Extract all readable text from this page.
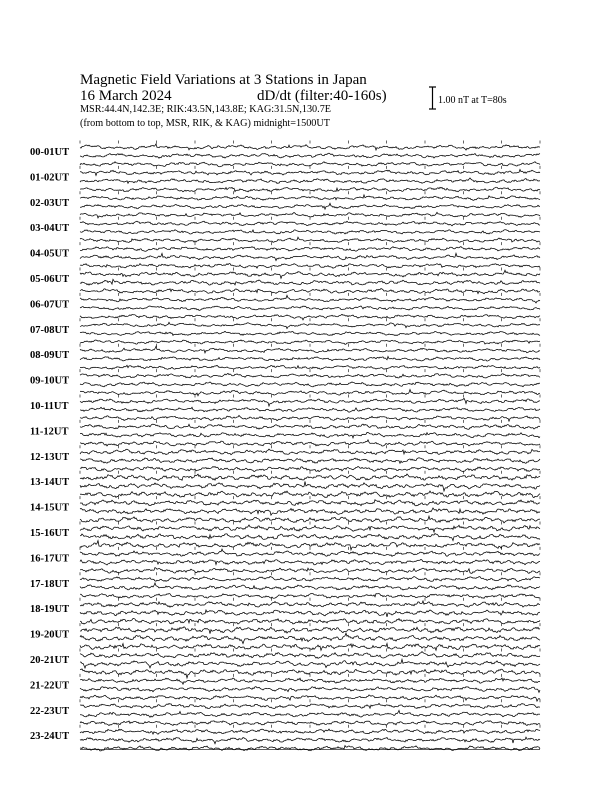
Magnetic Field Variations at 3 Stations in Japan
16 March 2024	dD/dt (filter:40-160s)
MSR:44.4N,142.3E; RIK:43.5N,143.8E; KAG:31.5N,130.7E
(from bottom to top, MSR, RIK, & KAG) midnight=1500UT
1.00 nT at T=80s
00-01UT
01-02UT
02-03UT
03-04UT
04-05UT
05-06UT
06-07UT
07-08UT
08-09UT
09-10UT
10-11UT
11-12UT
12-13UT
13-14UT
14-15UT
15-16UT
16-17UT
17-18UT
18-19UT
19-20UT
20-21UT
21-22UT
22-23UT
23-24UT
